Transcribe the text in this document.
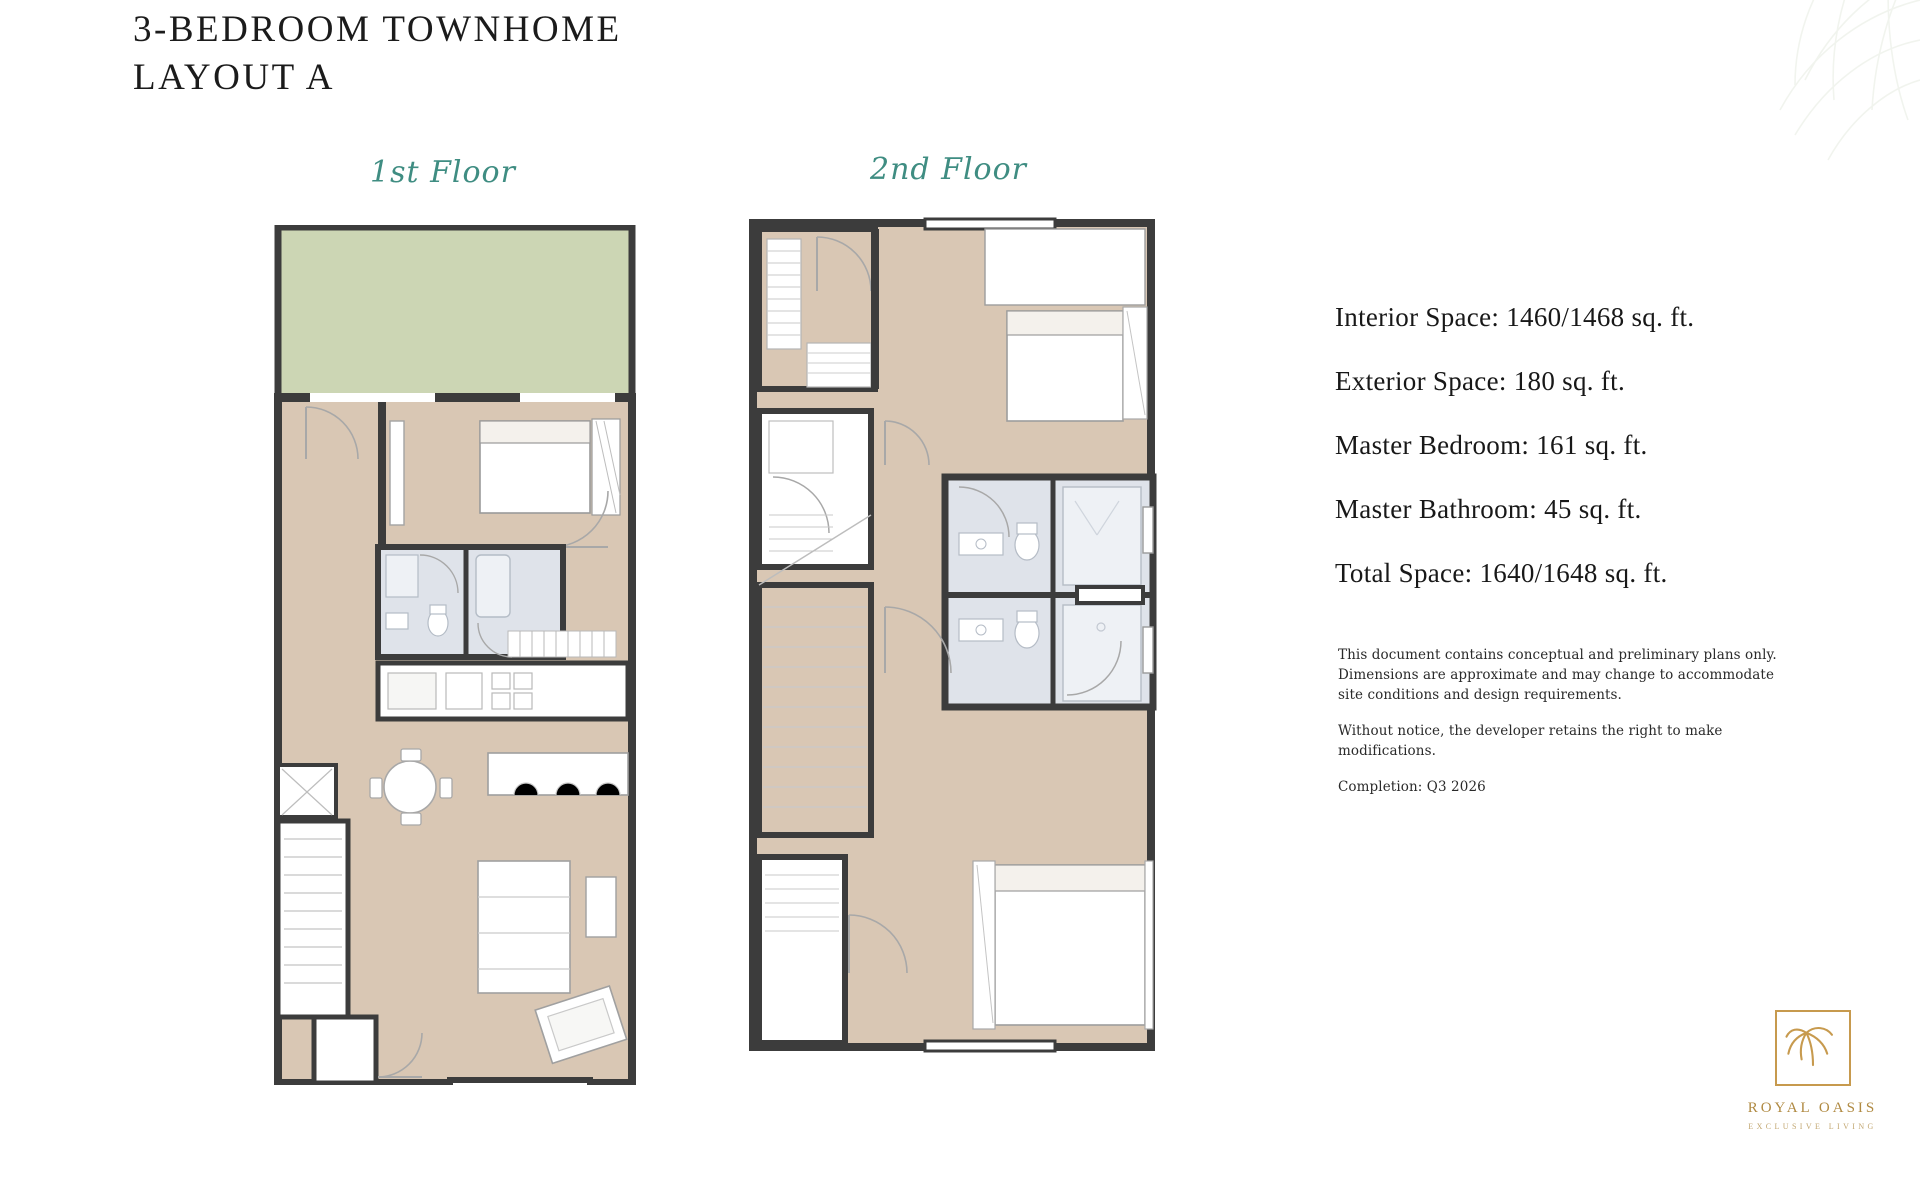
3-BEDROOM TOWNHOME
LAYOUT A
1st Floor	2nd Floor
Interior Space: 1460/1468 sq. ft.
Exterior Space: 180 sq. ft.
Master Bedroom: 161 sq. ft.
Master Bathroom: 45 sq. ft.
Total Space: 1640/1648 sq. ft.

This document contains conceptual and preliminary plans only. Dimensions are approximate and may change to accommodate site conditions and design requirements.

Without notice, the developer retains the right to make modifications.

Completion: Q3 2026

ROYAL OASIS
EXCLUSIVE LIVING
